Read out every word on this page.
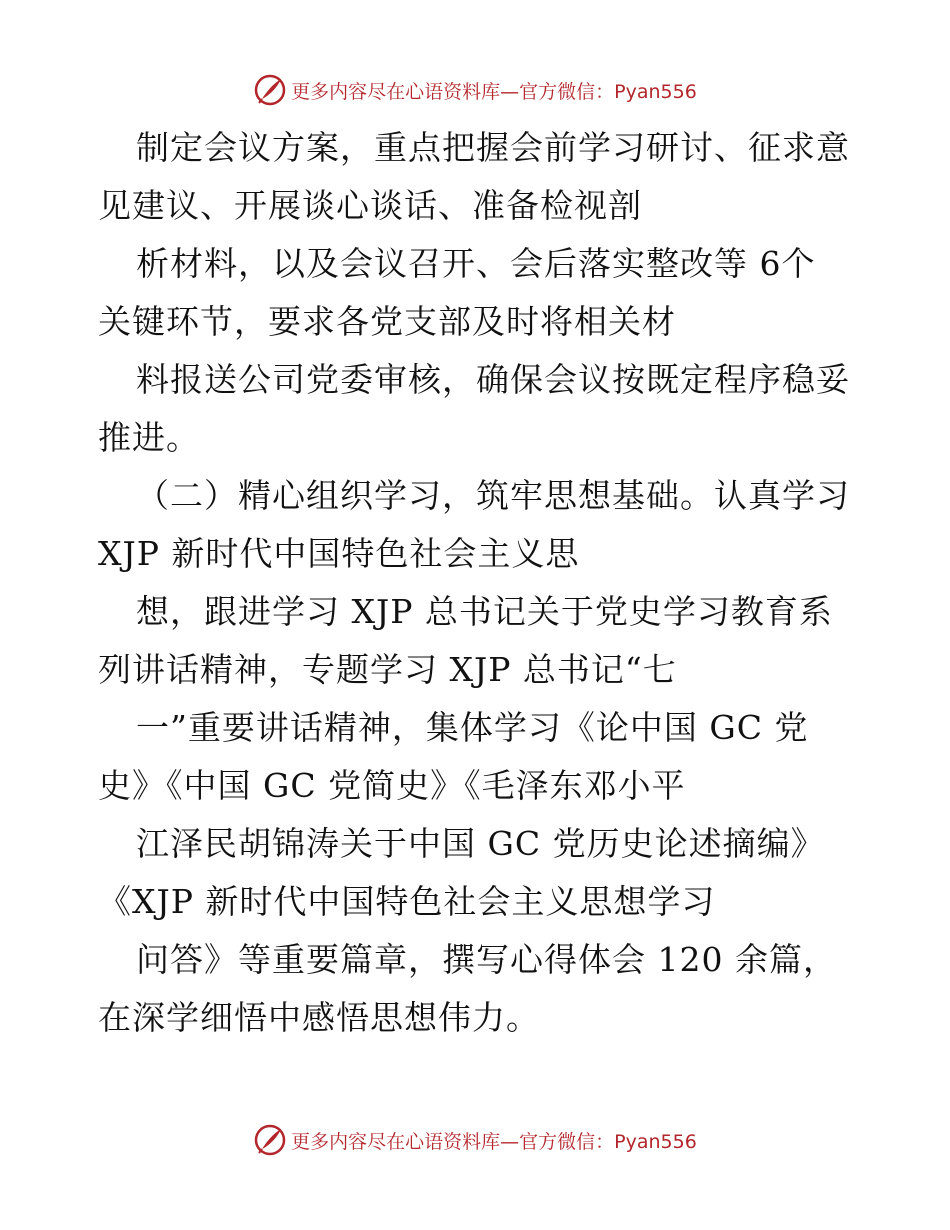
更多内容尽在心语资料库—官方微信：Pyan556
制定会议方案，重点把握会前学习研讨、征求意
见建议、开展谈心谈话、准备检视剖
析材料，以及会议召开、会后落实整改等 6个
关键环节，要求各党支部及时将相关材
料报送公司党委审核，确保会议按既定程序稳妥
推进。
（二）精心组织学习，筑牢思想基础。认真学习
XJP 新时代中国特色社会主义思
想，跟进学习 XJP 总书记关于党史学习教育系
列讲话精神，专题学习 XJP 总书记“七
一”重要讲话精神，集体学习《论中国 GC 党
史》《中国 GC 党简史》《毛泽东邓小平
江泽民胡锦涛关于中国 GC 党历史论述摘编》
《XJP 新时代中国特色社会主义思想学习
问答》等重要篇章，撰写心得体会 120 余篇，
在深学细悟中感悟思想伟力。
更多内容尽在心语资料库—官方微信：Pyan556
